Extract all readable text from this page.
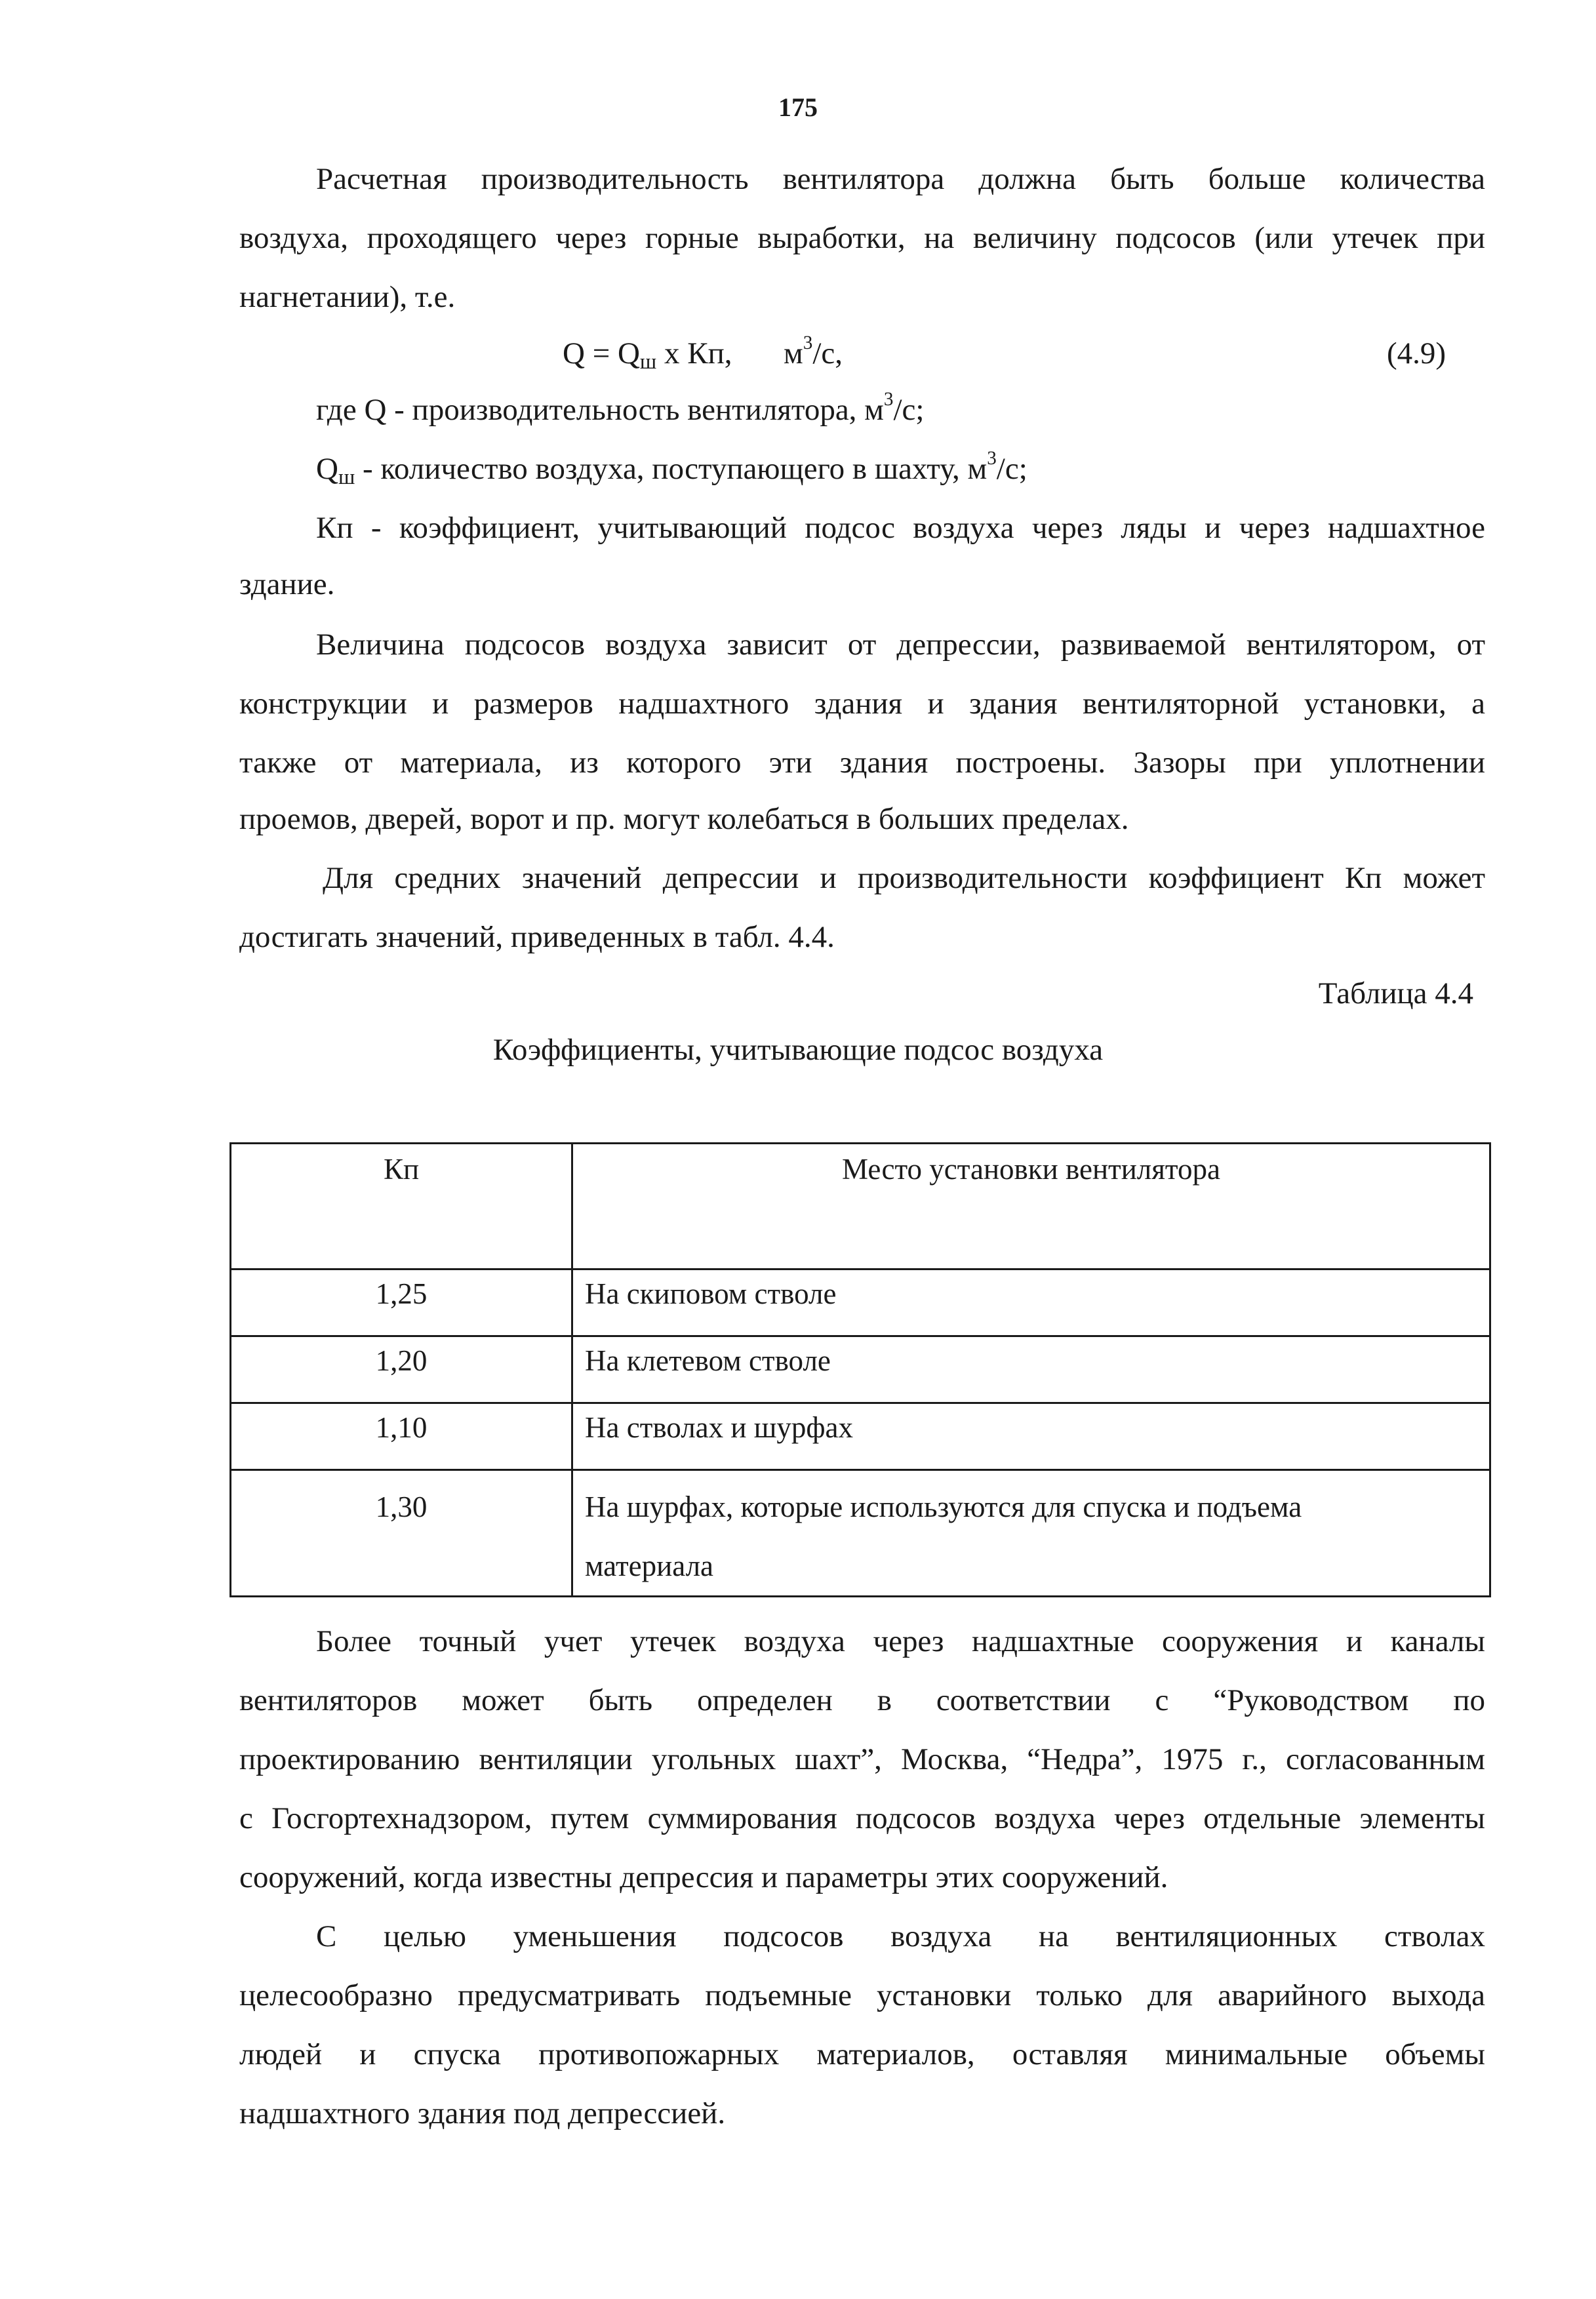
175
Расчетная производительность вентилятора должна быть больше количества
воздуха, проходящего через горные выработки, на величину подсосов (или утечек при
нагнетании), т.е.
$Q = Q_ш$ x Кп, $м^3/с$,	(4.9)
где Q - производительность вентилятора, $м^3/с$;
$Q_ш$ - количество воздуха, поступающего в шахту, $м^3/с$;
Кп - коэффициент, учитывающий подсос воздуха через ляды и через надшахтное
здание.
Величина подсосов воздуха зависит от депрессии, развиваемой вентилятором, от
конструкции и размеров надшахтного здания и здания вентиляторной установки, а
также от материала, из которого эти здания построены. Зазоры при уплотнении
проемов, дверей, ворот и пр. могут колебаться в больших пределах.
Для средних значений депрессии и производительности коэффициент Кп может
достигать значений, приведенных в табл. 4.4.
Таблица 4.4
Коэффициенты, учитывающие подсос воздуха
Кп	Место установки вентилятора
1,25	На скиповом стволе
1,20	На клетевом стволе
1,10	На стволах и шурфах
1,30	На шурфах, которые используются для спуска и подъема
материала
Более точный учет утечек воздуха через надшахтные сооружения и каналы
вентиляторов может быть определен в соответствии с “Руководством по
проектированию вентиляции угольных шахт”, Москва, “Недра”, 1975 г., согласованным
с Госгортехнадзором, путем суммирования подсосов воздуха через отдельные элементы
сооружений, когда известны депрессия и параметры этих сооружений.
С целью уменьшения подсосов воздуха на вентиляционных стволах
целесообразно предусматривать подъемные установки только для аварийного выхода
людей и спуска противопожарных материалов, оставляя минимальные объемы
надшахтного здания под депрессией.
